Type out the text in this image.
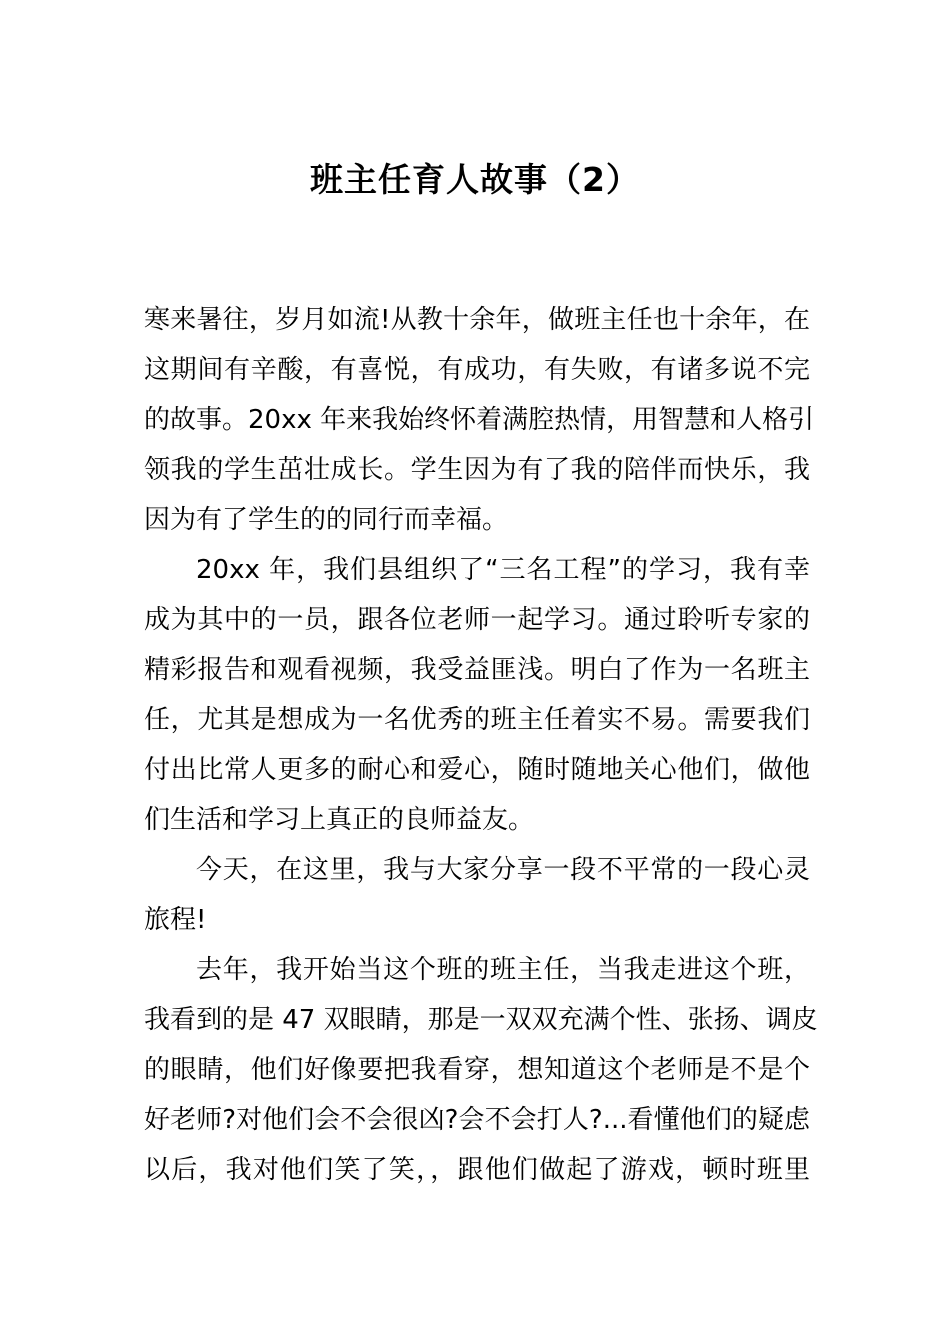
班主任育人故事（2）
寒来暑往，岁月如流!从教十余年，做班主任也十余年，在
这期间有辛酸，有喜悦，有成功，有失败，有诸多说不完
的故事。20xx 年来我始终怀着满腔热情，用智慧和人格引
领我的学生茁壮成长。学生因为有了我的陪伴而快乐，我
因为有了学生的的同行而幸福。
20xx 年，我们县组织了“三名工程”的学习，我有幸
成为其中的一员，跟各位老师一起学习。通过聆听专家的
精彩报告和观看视频，我受益匪浅。明白了作为一名班主
任，尤其是想成为一名优秀的班主任着实不易。需要我们
付出比常人更多的耐心和爱心，随时随地关心他们，做他
们生活和学习上真正的良师益友。
今天，在这里，我与大家分享一段不平常的一段心灵
旅程!
去年，我开始当这个班的班主任，当我走进这个班，
我看到的是 47 双眼睛，那是一双双充满个性、张扬、调皮
的眼睛，他们好像要把我看穿，想知道这个老师是不是个
好老师?对他们会不会很凶?会不会打人?...看懂他们的疑虑
以后，我对他们笑了笑，，跟他们做起了游戏，顿时班里
